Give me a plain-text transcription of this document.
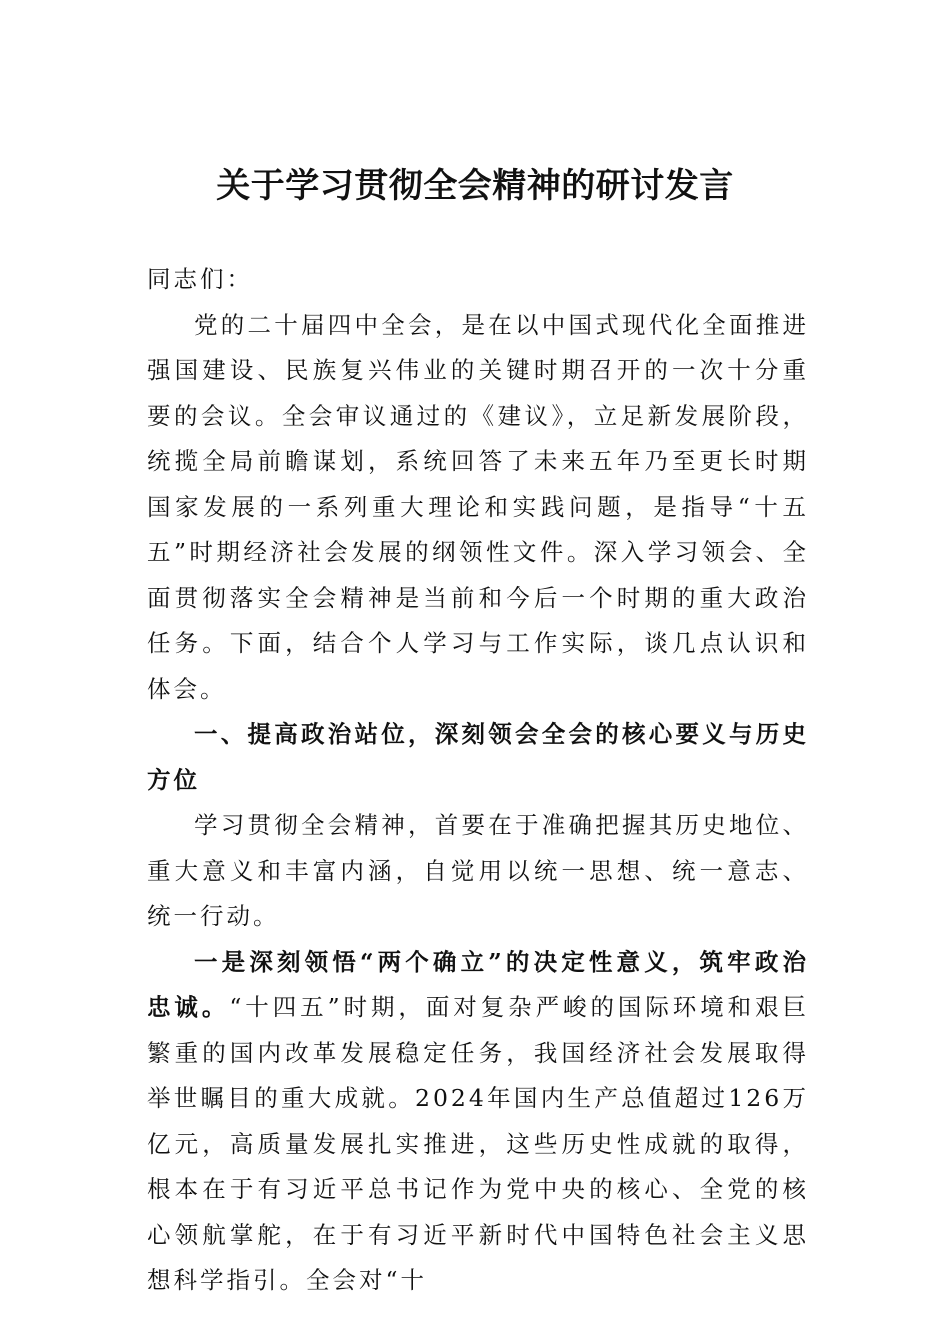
关于学习贯彻全会精神的研讨发言

同志们：

党的二十届四中全会，是在以中国式现代化全面推进强国建设、民族复兴伟业的关键时期召开的一次十分重要的会议。全会审议通过的《建议》，立足新发展阶段，统揽全局前瞻谋划，系统回答了未来五年乃至更长时期国家发展的一系列重大理论和实践问题，是指导“十五五”时期经济社会发展的纲领性文件。深入学习领会、全面贯彻落实全会精神是当前和今后一个时期的重大政治任务。下面，结合个人学习与工作实际，谈几点认识和体会。

一、提高政治站位，深刻领会全会的核心要义与历史方位

学习贯彻全会精神，首要在于准确把握其历史地位、重大意义和丰富内涵，自觉用以统一思想、统一意志、统一行动。

一是深刻领悟“两个确立”的决定性意义，筑牢政治忠诚。“十四五”时期，面对复杂严峻的国际环境和艰巨繁重的国内改革发展稳定任务，我国经济社会发展取得举世瞩目的重大成就。2024年国内生产总值超过126万亿元，高质量发展扎实推进，这些历史性成就的取得，根本在于有习近平总书记作为党中央的核心、全党的核心领航掌舵，在于有习近平新时代中国特色社会主义思想科学指引。全会对“十
